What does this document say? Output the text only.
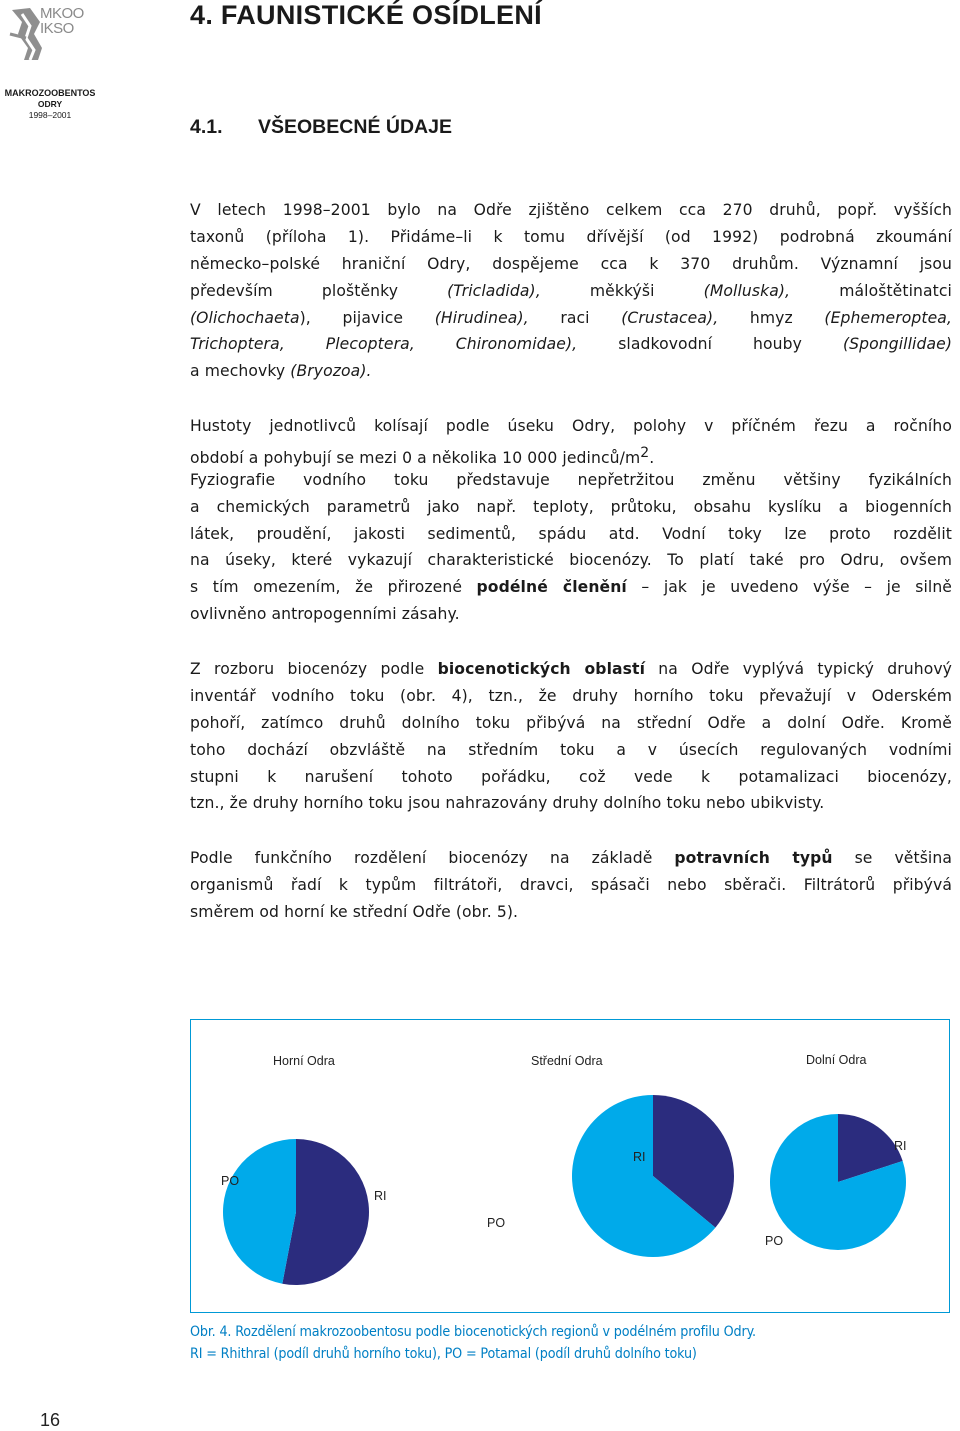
MKOO
IKSO
MAKROZOOBENTOS
ODRY
1998–2001
4. FAUNISTICKÉ OSÍDLENÍ
4.1. VŠEOBECNÉ ÚDAJE
V letech 1998–2001 bylo na Odře zjištěno celkem cca 270 druhů, popř. vyšších
taxonů (příloha 1). Přidáme–li k tomu dřívější (od 1992) podrobná zkoumání
německo–polské hraniční Odry, dospějeme cca k 370 druhům. Významní jsou
především ploštěnky (Tricladida), měkkýši (Molluska), máloštětinatci
(Olichochaeta), pijavice (Hirudinea), raci (Crustacea), hmyz (Ephemeroptea,
Trichoptera, Plecoptera, Chironomidae), sladkovodní houby (Spongillidae)
a mechovky (Bryozoa).
Hustoty jednotlivců kolísají podle úseku Odry, polohy v příčném řezu a ročního
období a pohybují se mezi 0 a několika 10 000 jedinců/$m^2$.
Fyziografie vodního toku představuje nepřetržitou změnu většiny fyzikálních
a chemických parametrů jako např. teploty, průtoku, obsahu kyslíku a biogenních
látek, proudění, jakosti sedimentů, spádu atd. Vodní toky lze proto rozdělit
na úseky, které vykazují charakteristické biocenózy. To platí také pro Odru, ovšem
s tím omezením, že přirozené podélné členění – jak je uvedeno výše – je silně
ovlivněno antropogenními zásahy.
Z rozboru biocenózy podle biocenotických oblastí na Odře vyplývá typický druhový
inventář vodního toku (obr. 4), tzn., že druhy horního toku převažují v Oderském
pohoří, zatímco druhů dolního toku přibývá na střední Odře a dolní Odře. Kromě
toho dochází obzvláště na středním toku a v úsecích regulovaných vodními
stupni k narušení tohoto pořádku, což vede k potamalizaci biocenózy,
tzn., že druhy horního toku jsou nahrazovány druhy dolního toku nebo ubikvisty.
Podle funkčního rozdělení biocenózy na základě potravních typů se většina
organismů řadí k typům filtrátoři, dravci, spásači nebo sběrači. Filtrátorů přibývá
směrem od horní ke střední Odře (obr. 5).
Horní Odra	Střední Odra	Dolní Odra
PO
RI
RI
PO
RI
PO
Obr. 4. Rozdělení makrozoobentosu podle biocenotických regionů v podélném profilu Odry.
RI = Rhithral (podíl druhů horního toku), PO = Potamal (podíl druhů dolního toku)
16
